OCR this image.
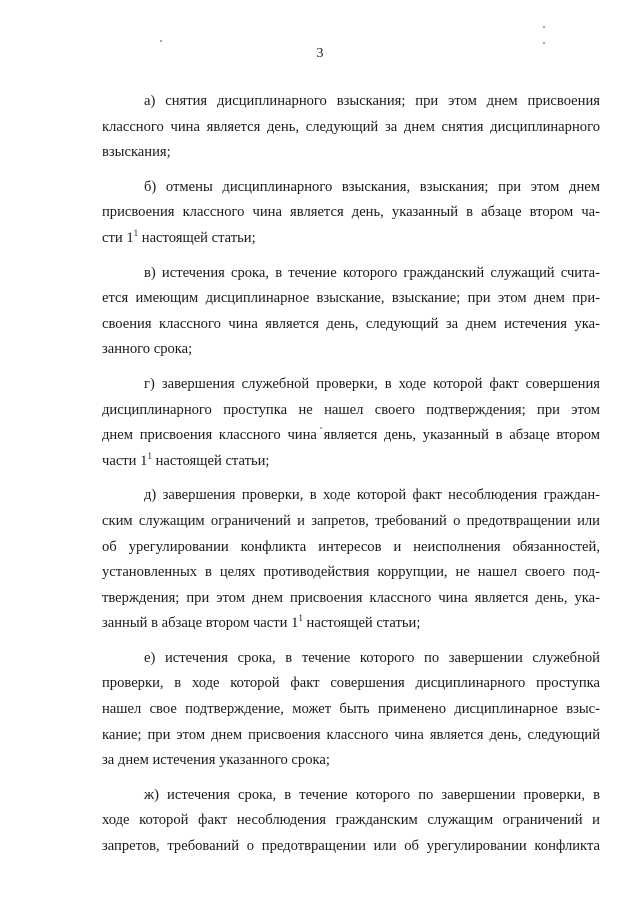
3

а) снятия дисциплинарного взыскания; при этом днем присвоения
классного чина является день, следующий за днем снятия дисциплинарного
взыскания;

б) отмены дисциплинарного взыскания, взыскания; при этом днем
присвоения классного чина является день, указанный в абзаце втором ча-
сти $1^1$ настоящей статьи;

в) истечения срока, в течение которого гражданский служащий счита-
ется имеющим дисциплинарное взыскание, взыскание; при этом днем при-
своения классного чина является день, следующий за днем истечения ука-
занного срока;

г) завершения служебной проверки, в ходе которой факт совершения
дисциплинарного проступка не нашел своего подтверждения; при этом
днем присвоения классного чина является день, указанный в абзаце втором
части $1^1$ настоящей статьи;

д) завершения проверки, в ходе которой факт несоблюдения граждан-
ским служащим ограничений и запретов, требований о предотвращении или
об урегулировании конфликта интересов и неисполнения обязанностей,
установленных в целях противодействия коррупции, не нашел своего под-
тверждения; при этом днем присвоения классного чина является день, ука-
занный в абзаце втором части $1^1$ настоящей статьи;

е) истечения срока, в течение которого по завершении служебной
проверки, в ходе которой факт совершения дисциплинарного проступка
нашел свое подтверждение, может быть применено дисциплинарное взыс-
кание; при этом днем присвоения классного чина является день, следующий
за днем истечения указанного срока;

ж) истечения срока, в течение которого по завершении проверки, в
ходе которой факт несоблюдения гражданским служащим ограничений и
запретов, требований о предотвращении или об урегулировании конфликта
